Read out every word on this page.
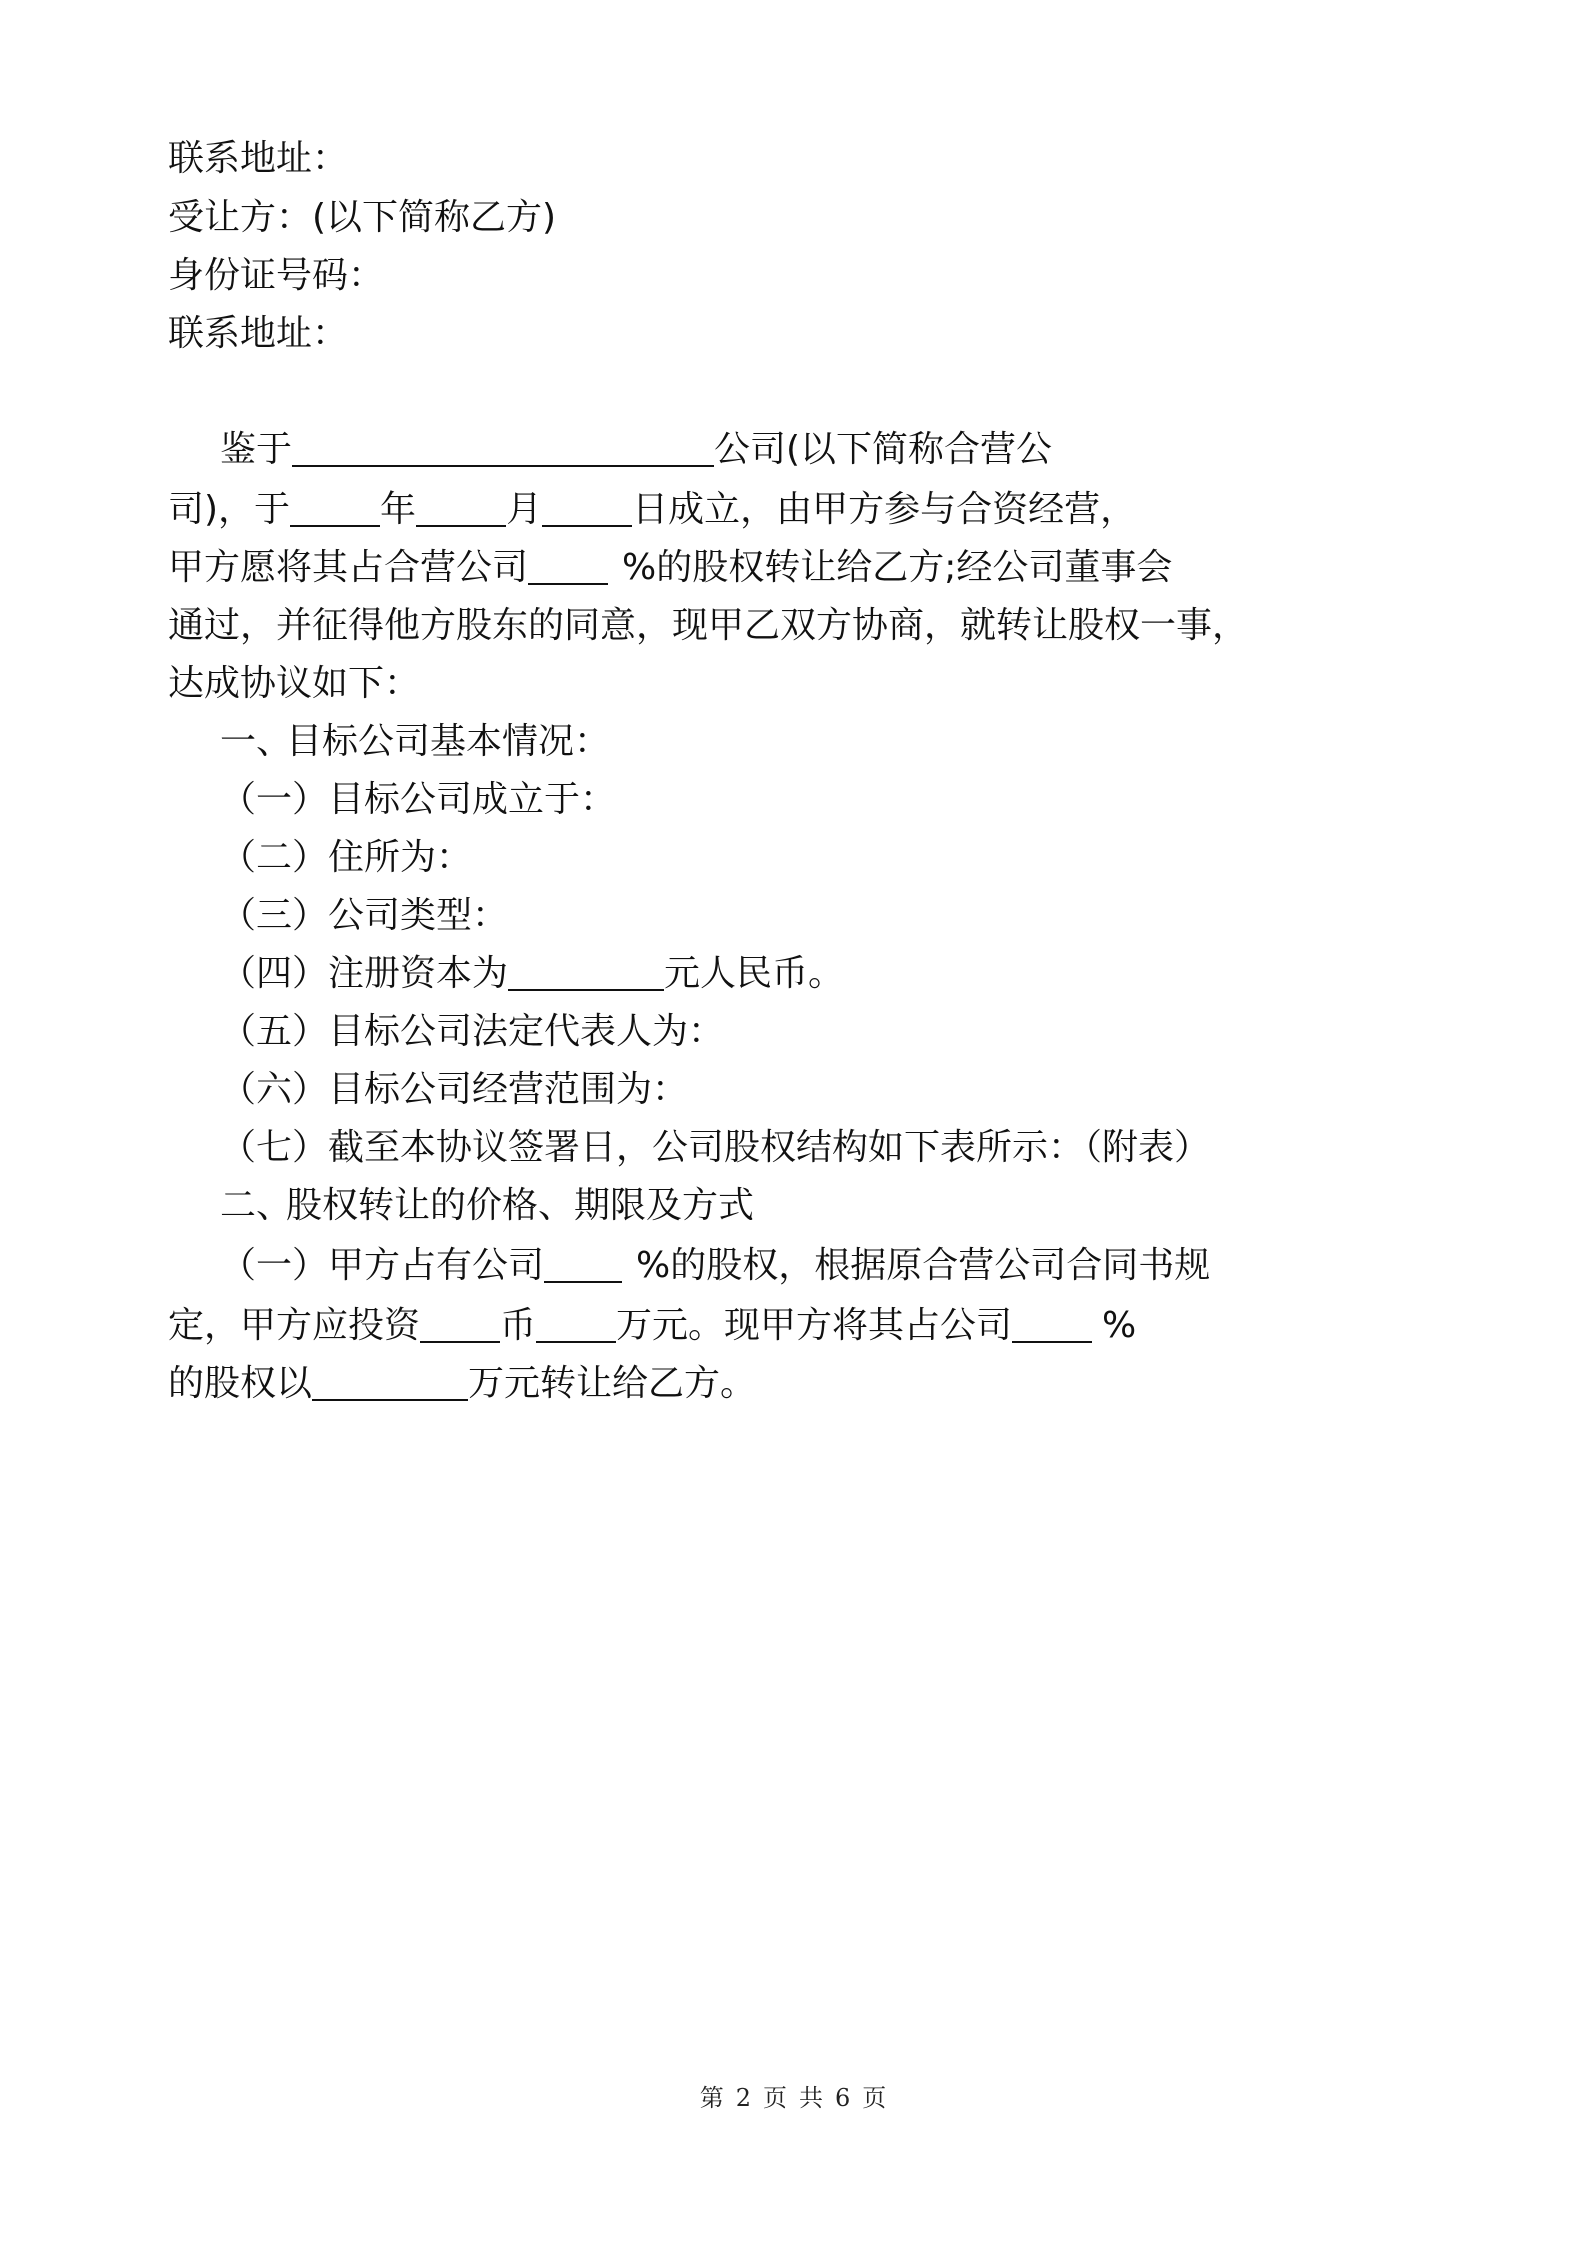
联系地址：
受让方：(以下简称乙方)
身份证号码：
联系地址：
鉴于	公司(以下简称合营公
司)，于	年	月	日成立，由甲方参与合资经营，
甲方愿将其占合营公司	%的股权转让给乙方;经公司董事会
通过，并征得他方股东的同意，现甲乙双方协商，就转让股权一事，
达成协议如下：
一、目标公司基本情况：
（一）目标公司成立于：
（二）住所为：
（三）公司类型：
（四）注册资本为	元人民币。
（五）目标公司法定代表人为：
（六）目标公司经营范围为：
（七）截至本协议签署日，公司股权结构如下表所示：（附表）
二、股权转让的价格、期限及方式
（一）甲方占有公司	%的股权，根据原合营公司合同书规
定，甲方应投资 币 万元。现甲方将其占公司	%
的股权以	万元转让给乙方。
第 2 页 共 6 页
